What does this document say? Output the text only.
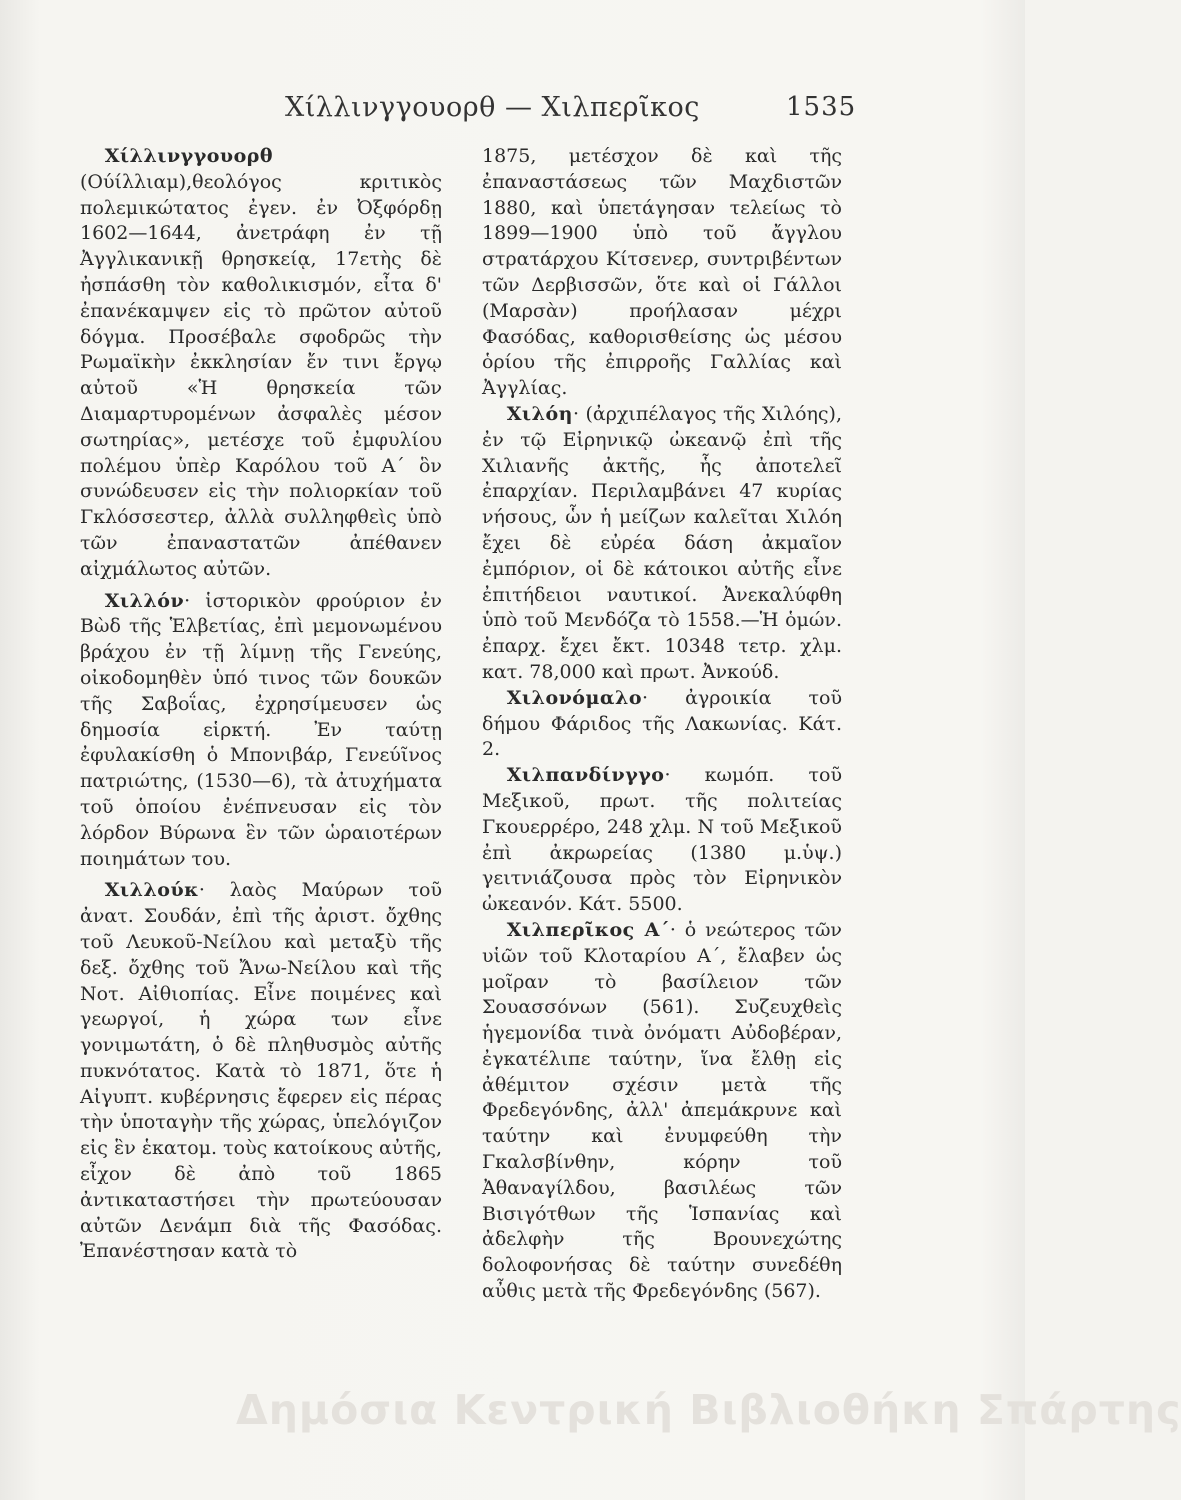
Χίλλινγγουορθ — Χιλπερῖκος	1535

Χίλλινγγουορθ (Ούίλλιαμ),θεολόγος κριτικὸς πολεμικώτατος ἐγεν. ἐν Ὀξφόρδῃ 1602—1644, ἀνετράφη ἐν τῇ Ἀγγλικανικῇ θρησκείᾳ, 17ετὴς δὲ ἠσπάσθη τὸν καθολικισμόν, εἶτα δ' ἐπανέκαμψεν εἰς τὸ πρῶτον αὐτοῦ δόγμα. Προσέβαλε σφοδρῶς τὴν Ρωμαϊκὴν ἐκκλησίαν ἔν τινι ἔργῳ αὐτοῦ «Ἡ θρησκεία τῶν Διαμαρτυρομένων ἀσφαλὲς μέσον σωτηρίας», μετέσχε τοῦ ἐμφυλίου πολέμου ὑπὲρ Καρόλου τοῦ Α΄ ὃν συνώδευσεν εἰς τὴν πολιορκίαν τοῦ Γκλόσσεστερ, ἀλλὰ συλληφθεὶς ὑπὸ τῶν ἐπαναστατῶν ἀπέθανεν αἰχμάλωτος αὐτῶν.

Χιλλόν· ἱστορικὸν φρούριον ἐν Βὼδ τῆς Ἑλβετίας, ἐπὶ μεμονωμένου βράχου ἐν τῇ λίμνῃ τῆς Γενεύης, οἰκοδομηθὲν ὑπό τινος τῶν δουκῶν τῆς Σαβοΐας, ἐχρησίμευσεν ὡς δημοσία εἱρκτή. Ἐν ταύτῃ ἐφυλακίσθη ὁ Μπονιβάρ, Γενεύῖνος πατριώτης, (1530—6), τὰ ἀτυχήματα τοῦ ὁποίου ἐνέπνευσαν εἰς τὸν λόρδον Βύρωνα ἓν τῶν ὡραιοτέρων ποιημάτων του.

Χιλλούκ· λαὸς Μαύρων τοῦ ἀνατ. Σουδάν, ἐπὶ τῆς ἀριστ. ὄχθης τοῦ Λευκοῦ-Νείλου καὶ μεταξὺ τῆς δεξ. ὄχθης τοῦ Ἄνω-Νείλου καὶ τῆς Νοτ. Αἰθιοπίας. Εἶνε ποιμένες καὶ γεωργοί, ἡ χώρα των εἶνε γονιμωτάτη, ὁ δὲ πληθυσμὸς αὐτῆς πυκνότατος. Κατὰ τὸ 1871, ὅτε ἡ Αἰγυπτ. κυβέρνησις ἔφερεν εἰς πέρας τὴν ὑποταγὴν τῆς χώρας, ὑπελόγιζον εἰς ἓν ἑκατομ. τοὺς κατοίκους αὐτῆς, εἶχον δὲ ἀπὸ τοῦ 1865 ἀντικαταστήσει τὴν πρωτεύουσαν αὐτῶν Δενάμπ διὰ τῆς Φασόδας. Ἐπανέστησαν κατὰ τὸ

1875, μετέσχον δὲ καὶ τῆς ἐπαναστάσεως τῶν Μαχδιστῶν 1880, καὶ ὑπετάγησαν τελείως τὸ 1899—1900 ὑπὸ τοῦ ἄγγλου στρατάρχου Κίτσενερ, συντριβέντων τῶν Δερβισσῶν, ὅτε καὶ οἱ Γάλλοι (Μαρσὰν) προήλασαν μέχρι Φασόδας, καθορισθείσης ὡς μέσου ὁρίου τῆς ἐπιρροῆς Γαλλίας καὶ Ἀγγλίας.

Χιλόη· (ἀρχιπέλαγος τῆς Χιλόης), ἐν τῷ Εἰρηνικῷ ὠκεανῷ ἐπὶ τῆς Χιλιανῆς ἀκτῆς, ἧς ἀποτελεῖ ἐπαρχίαν. Περιλαμβάνει 47 κυρίας νήσους, ὧν ἡ μείζων καλεῖται Χιλόη ἔχει δὲ εὐρέα δάση ἀκμαῖον ἐμπόριον, οἱ δὲ κάτοικοι αὐτῆς εἶνε ἐπιτήδειοι ναυτικοί. Ἀνεκαλύφθη ὑπὸ τοῦ Μενδόζα τὸ 1558.—Ἡ ὁμών. ἐπαρχ. ἔχει ἔκτ. 10348 τετρ. χλμ. κατ. 78,000 καὶ πρωτ. Ἀνκούδ.

Χιλονόμαλο· ἀγροικία τοῦ δήμου Φάριδος τῆς Λακωνίας. Κάτ. 2.

Χιλπανδίνγγο· κωμόπ. τοῦ Μεξικοῦ, πρωτ. τῆς πολιτείας Γκουερρέρο, 248 χλμ. Ν τοῦ Μεξικοῦ ἐπὶ ἀκρωρείας (1380 μ.ὑψ.) γειτνιάζουσα πρὸς τὸν Εἰρηνικὸν ὠκεανόν. Κάτ. 5500.

Χιλπερῖκος Α΄· ὁ νεώτερος τῶν υἱῶν τοῦ Κλοταρίου Α΄, ἔλαβεν ὡς μοῖραν τὸ βασίλειον τῶν Σουασσόνων (561). Συζευχθεὶς ἡγεμονίδα τινὰ ὀνόματι Αὐδοβέραν, ἐγκατέλιπε ταύτην, ἵνα ἔλθῃ εἰς ἀθέμιτον σχέσιν μετὰ τῆς Φρεδεγόνδης, ἀλλ' ἀπεμάκρυνε καὶ ταύτην καὶ ἐνυμφεύθη τὴν Γκαλσβίνθην, κόρην τοῦ Ἀθαναγίλδου, βασιλέως τῶν Βισιγότθων τῆς Ἱσπανίας καὶ ἀδελφὴν τῆς Βρουνεχώτης δολοφονήσας δὲ ταύτην συνεδέθη αὖθις μετὰ τῆς Φρεδεγόνδης (567).

Δημόσια Κεντρική Βιβλιοθήκη Σπάρτης
